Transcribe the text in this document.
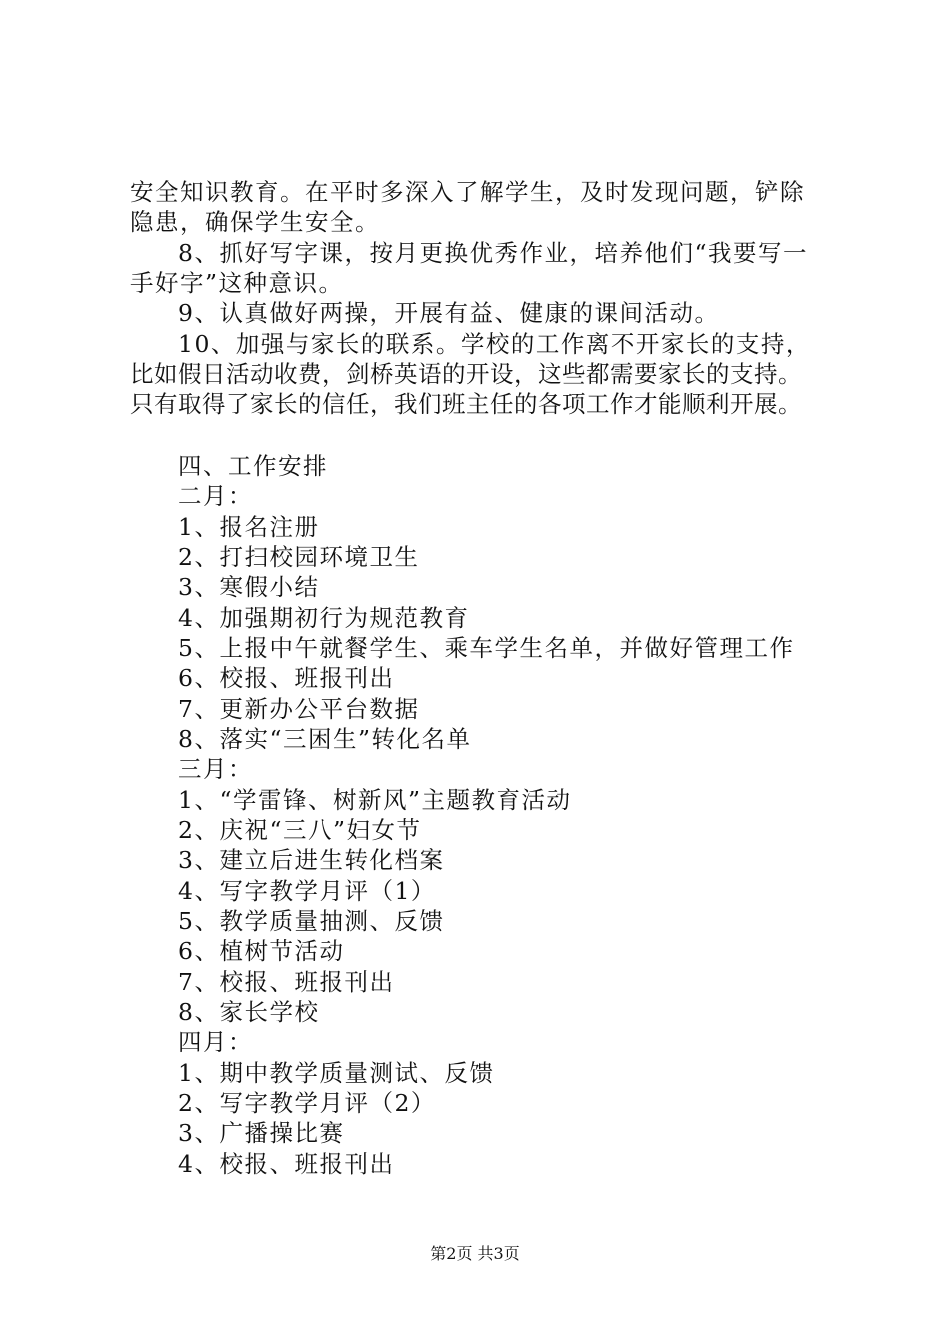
安全知识教育。在平时多深入了解学生，及时发现问题，铲除
隐患，确保学生安全。
8、抓好写字课，按月更换优秀作业，培养他们“我要写一
手好字”这种意识。
9、认真做好两操，开展有益、健康的课间活动。
10、加强与家长的联系。学校的工作离不开家长的支持，
比如假日活动收费，剑桥英语的开设，这些都需要家长的支持。
只有取得了家长的信任，我们班主任的各项工作才能顺利开展。
四、工作安排
二月：
1、报名注册
2、打扫校园环境卫生
3、寒假小结
4、加强期初行为规范教育
5、上报中午就餐学生、乘车学生名单，并做好管理工作
6、校报、班报刊出
7、更新办公平台数据
8、落实“三困生”转化名单
三月：
1、“学雷锋、树新风”主题教育活动
2、庆祝“三八”妇女节
3、建立后进生转化档案
4、写字教学月评（1）
5、教学质量抽测、反馈
6、植树节活动
7、校报、班报刊出
8、家长学校
四月：
1、期中教学质量测试、反馈
2、写字教学月评（2）
3、广播操比赛
4、校报、班报刊出
第2页 共3页
